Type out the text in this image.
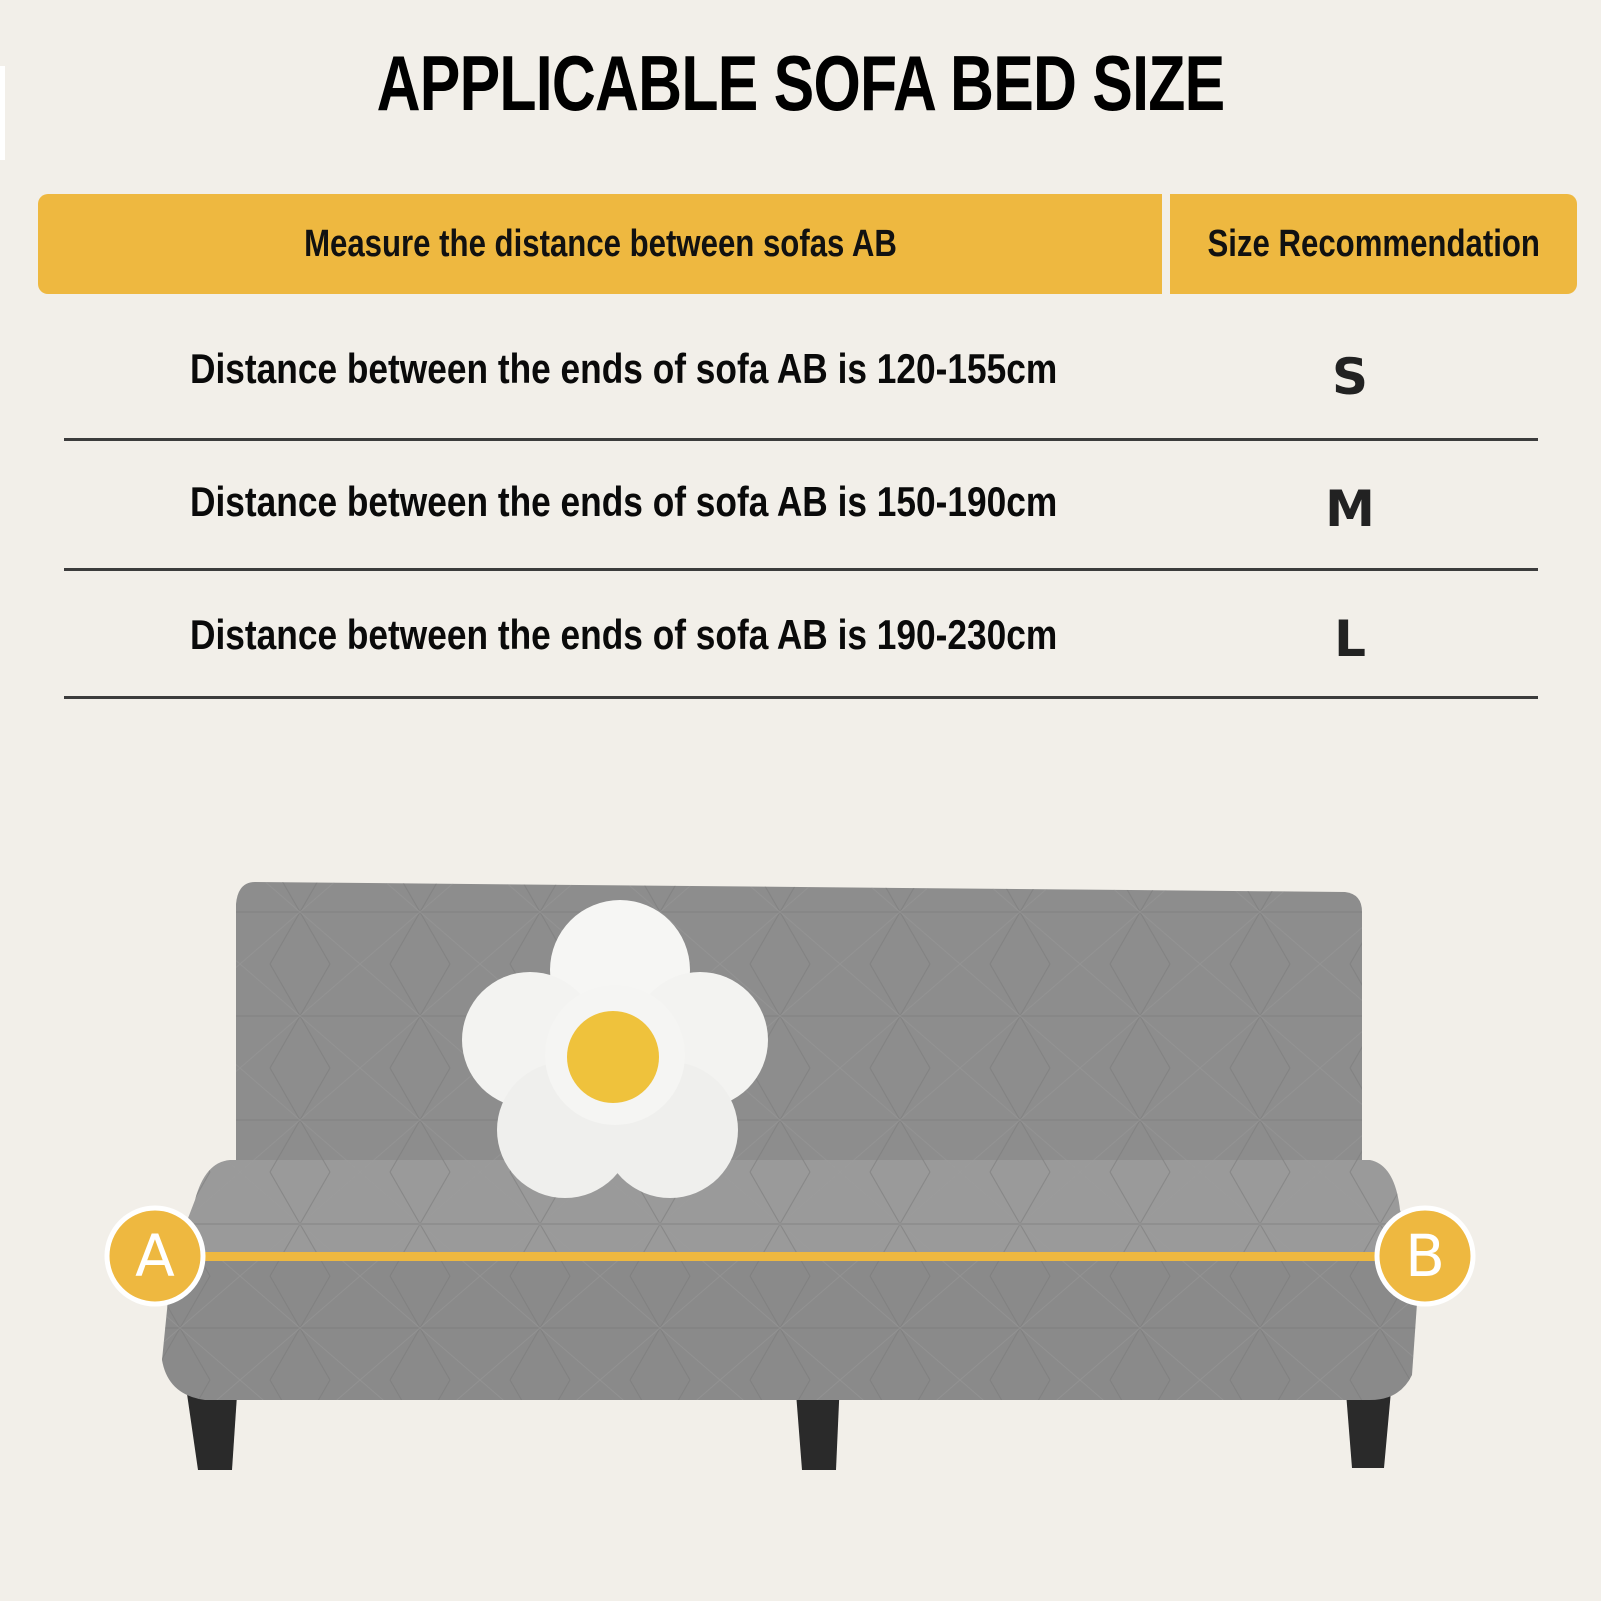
APPLICABLE SOFA BED SIZE
Measure the distance between sofas AB	Size Recommendation
Distance between the ends of sofa AB is 120-155cm	S
Distance between the ends of sofa AB is 150-190cm	M
Distance between the ends of sofa AB is 190-230cm	L
A	B
